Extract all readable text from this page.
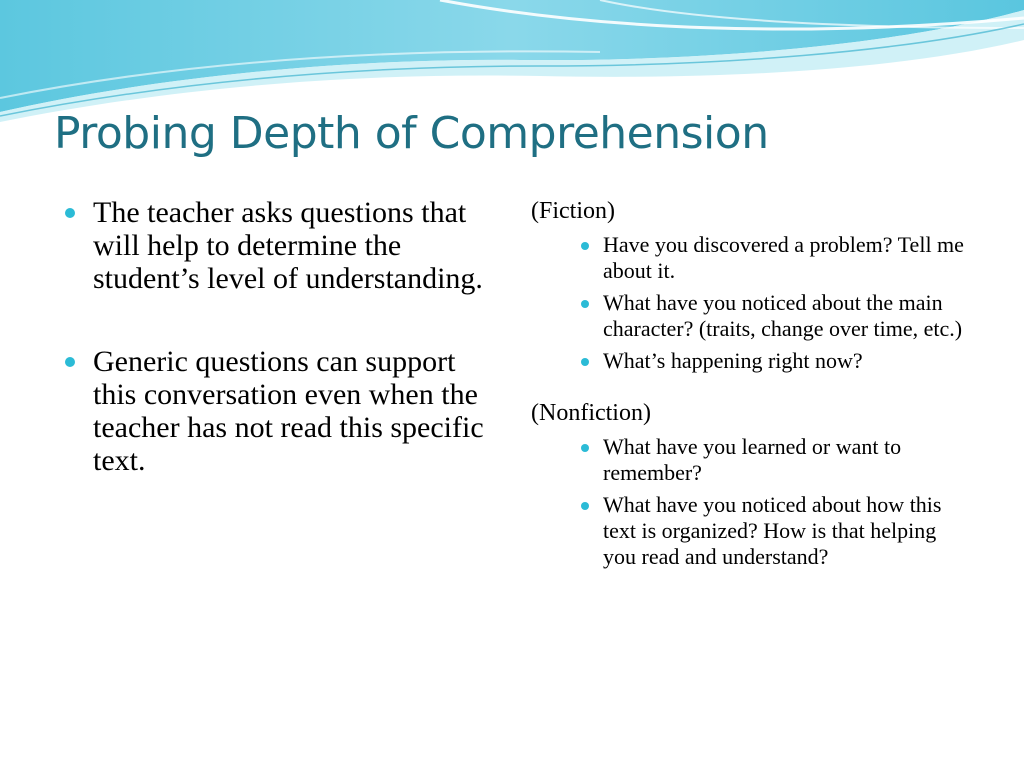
Probing Depth of Comprehension
The teacher asks questions that will help to determine the student’s level of understanding.
Generic questions can support this conversation even when the teacher has not read this specific text.
(Fiction)
Have you discovered a problem? Tell me about it.
What have you noticed about the main character? (traits, change over time, etc.)
What’s happening right now?
(Nonfiction)
What have you learned or want to remember?
What have you noticed about how this text is organized? How is that helping you read and understand?
